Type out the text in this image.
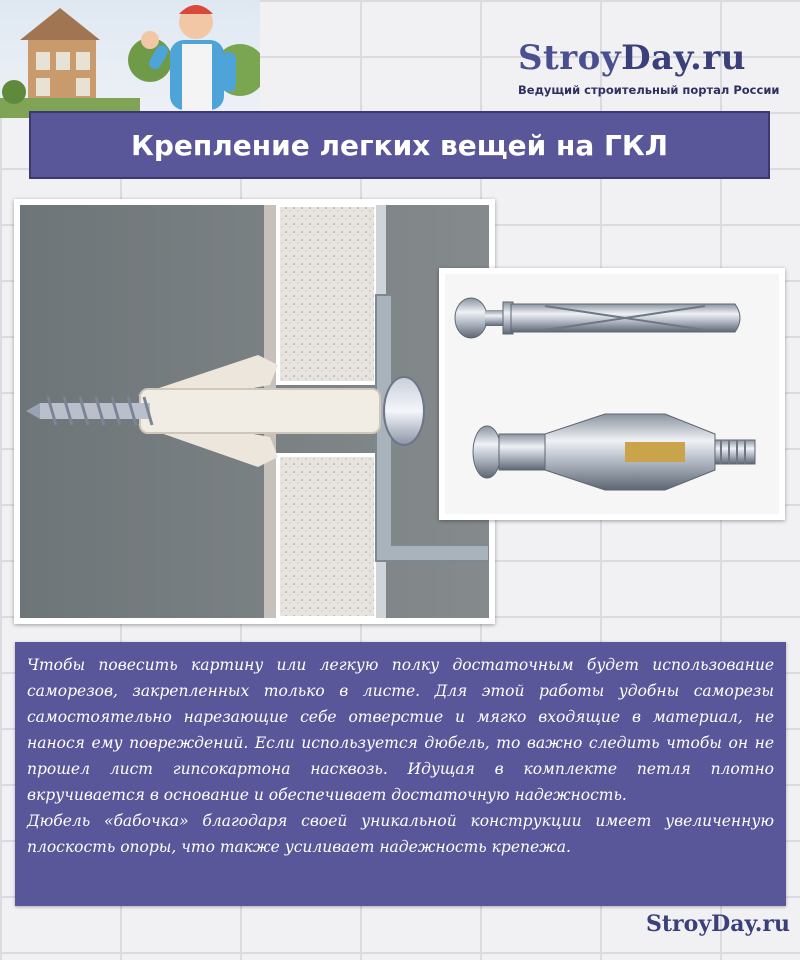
StroyDay.ru
Ведущий строительный портал России
Крепление легких вещей на ГКЛ

Чтобы повесить картину или легкую полку достаточным будет использование саморезов, закрепленных только в листе. Для этой работы удобны саморезы самостоятельно нарезающие себе отверстие и мягко входящие в материал, не нанося ему повреждений. Если используется дюбель, то важно следить чтобы он не прошел лист гипсокартона насквозь. Идущая в комплекте петля плотно вкручивается в основание и обеспечивает достаточную надежность.

Дюбель «бабочка» благодаря своей уникальной конструкции имеет увеличенную плоскость опоры, что также усиливает надежность крепежа.

StroyDay.ru
